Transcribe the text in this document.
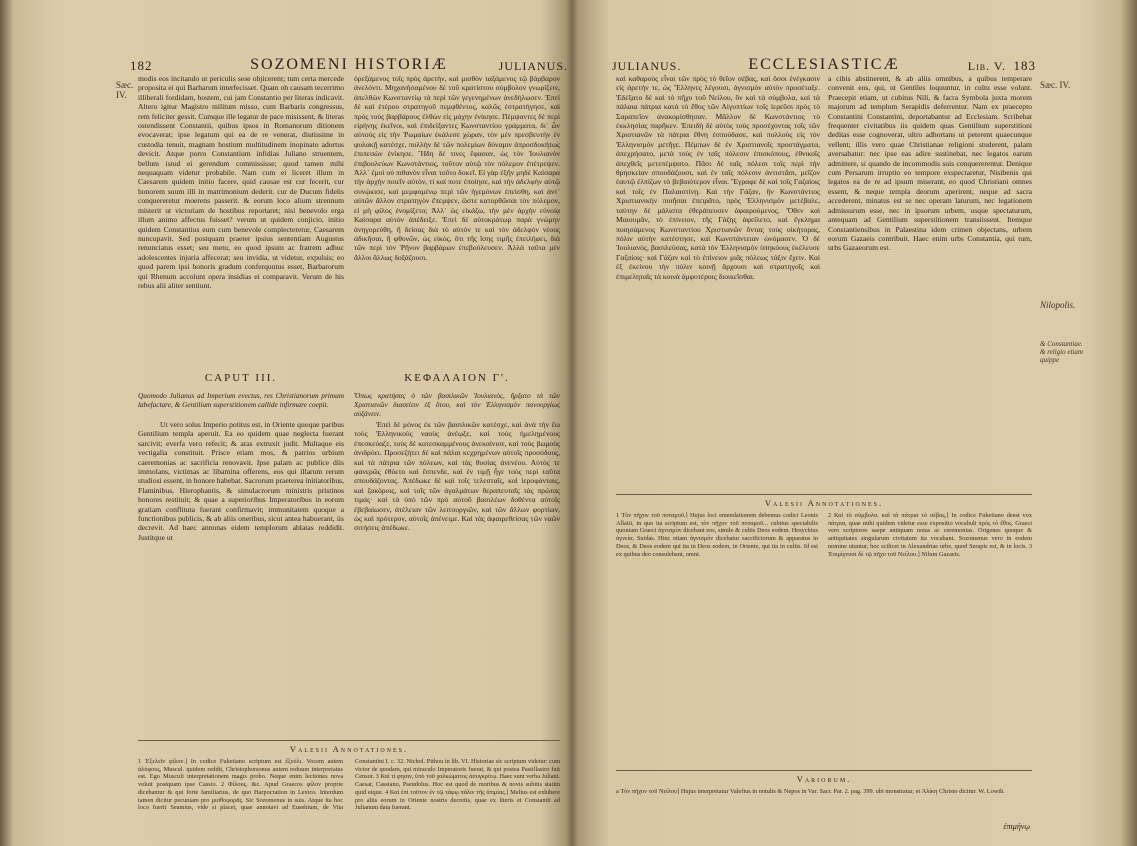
182	SOZOMENI HISTORIÆ	JULIANUS.
Sæc. IV.

modis eos incitando ut periculis sese objicerent; tum certa mercede proposita ei qui Barbarum interfecisset. Quam ob causam tecerrimo illiberali fordidam, hostem, cui jam Constantio per literas indicavit. Altero igitur Magistro militum misso, cum Barbaris congressus, rem feliciter gessit. Cumque ille legatur de pace misissent, & literas ostendissent Constantii, quibus ipsos in Romanorum ditionem evocaverat; ipse legatum qui ea de re venerat, diutissime in custodia tenuit, magnam hostium multitudinem inopinato adortus devicit. Atque porro Constantium infidias Juliano struentem, bellum istud ei gerendum commississe; quod tamen mihi nequaquam videtur probabile. Nam cum ei liceret illum in Caesarem quidem initio facere, quid causae est cur fecerit, cur honorem suum illi in matrimonium dederit. cur de Ducum fidelis conquereretur moerens passerit. & eorum loco alium strennum misterit ut victoriam de hostibus reportaret; nisi benevolo erga illum animo affectus fuisset? verum ut quidem conjicio, initio quidem Constantius eum cum benevole complecteretur, Caesarem nuncupavit. Sed postquam praeter ipsius sententiam Augustus renunciatus esset; seu metu, eo quod ipsum ac fratrem adhuc adolescentes injuria affecerat; seu invidia, ut videtur, expulsis; eo quod parem ipsi honoris gradum conferquutus esset, Barbarorum qui Rhenum accolunt opera insidias ei comparavit. Verum de his rebus alii aliter sentiunt.

ὀρεξάμενος τοῖς πρὸς ἀρετὴν, καὶ μισθὸν ταξάμενος τῷ βάρβαρον ἀνελόντι. Μηχανήσαμένου δὲ τοῦ κρατίστου σύμβολον γνωρίζειν, ἀπελθὼν Κωνσταντίῳ τὰ περὶ τῶν γεγενημένων ἀνεδήλωσεν. Ἐπεὶ δὲ καὶ ἑτέρου στρατηγοῦ πεμφθέντος, καλῶς ἐστρατήγησε, καὶ πρὸς τοὺς βαρβάρους ἐλθὼν εἰς μάχην ἐνίκησε. Πέμψαντες δὲ περὶ εἰρήνης ἐκεῖνοι, καὶ ἐπιδείξαντες Κωνσταντίου γράμματα, δι᾽ ὧν αὐτοὺς εἰς τὴν Ῥωμαίων ἐκάλεσε χώραν, τὸν μὲν πρεσβευτὴν ἐν φυλακῇ κατέσχε, πολλὴν δὲ τῶν πολεμίων δύναμιν ἀπροσδοκήτως ἐπιπεσὼν ἐνίκησε. Ἤδη δέ τινες ἔφασαν, ὡς τὸν Ἰουλιανὸν ἐπιβουλεύων Κωνστάντιος, τοῦτον αὐτῷ τὸν πόλεμον ἐπέτρεψεν. Ἀλλ᾽ ἐμοὶ οὐ πιθανὸν εἶναι τοῦτο δοκεῖ. Εἰ γὰρ ἐξῆν μηδὲ Καίσαρα τὴν ἀρχὴν ποιεῖν αὐτὸν, τί καί ποτε ἐποίησε, καὶ τὴν ἀδελφὴν αὐτῷ συνῴκισε, καὶ μεμφομένῳ περὶ τῶν ἡγεμόνων ἐπείσθη, καὶ ἀντ᾽ αὐτῶν ἄλλον στρατηγὸν ἔπεμψεν, ὥστε κατορθῶσαι τὸν πόλεμον, εἰ μὴ φίλος ἐνομίζετο; Ἀλλ᾽ ὡς εἰκάζω, τὴν μὲν ἀρχὴν εὐνοίᾳ Καίσαρα αὐτὸν ἀπέδειξε. Ἐπεὶ δὲ αὐτοκράτωρ παρὰ γνώμην ἀνηγορεύθη, ἢ δείσας διὰ τὸ αὐτόν τε καὶ τὸν ἀδελφὸν νέους ἀδικῆσαι, ἢ φθονῶν, ὡς εἰκὸς, ὅτι τῆς ἴσης τιμῆς ἐπειλήφει, διὰ τῶν περὶ τὸν Ῥῆνον βαρβάρων ἐπεβούλευσεν. Ἀλλὰ ταῦτα μὲν ἄλλοι ἄλλως δοξάζουσι.

CAPUT III.	ΚΕΦΑΛΑΙΟΝ Γ'.
Quomodo Julianus ad Imperium evectus, res Christianorum primum labefactare, & Gentilium superstitionem callide infirmare coepit.
Ὅπως κρατήσας ὁ τῶν βασιλικῶν Ἰουλιανὸς, ἤρξατο τὰ τῶν Χριστιανῶν διασείειν ἐξ ὅτου, καὶ τὸν Ἑλληνισμὸν πανουργίως αὐξάνειν.

Ut vero solus Imperio potitus est, in Oriente quoque paribus Gentilium templa aperuit. Ea eo quidem quae neglecta fuerant sarcivit; everfa vero refecit; & aras extruxit judit. Multaque eis vectigalia constituit. Prisce etiam mos, & patrios urbium caeremonias ac sacrificia renovavit. Ipse palam ac publice diis immolans, victimas ac libamina offerens, eos qui illarum rerum studiosi essent, in honore habebat. Sacrorum praeterea initiatoribus, Flaminibus, Hierophantis, & simulacrorum ministris pristinos honores restituit; & quae a superioribus Imperatoribus in eorum gratiam conflituta fuerant confirmavit; immunitatem quoque a functionibus publicis, & ab aliis oneribus, sicut antea habuerant, iis decrevit. Ad haec annonas eidem templorum ablatas reddidit. Justitque ut

Ἐπεὶ δὲ μόνος ἐκ τῶν βασιλικῶν κατέσχε, καὶ ἀνὰ τὴν ἕω τοὺς Ἑλληνικοὺς ναοὺς ἀνέῳξε, καὶ τοὺς ἠμελημένους ἐπεσκεύαζε, τοὺς δὲ κατεσκαμμένους ἀνεκαίνισε, καὶ τοὺς βωμοὺς ἀνιδρύει. Προσεζήτει δὲ καὶ πάλαι κεχρημένων αὐτοῖς προσόδους, καὶ τὰ πάτρια τῶν πόλεων, καὶ τὰς θυσίας ἀνενέου. Αὐτός τε φανερῶς ἐθύετο καὶ ἔσπενδε, καὶ ἐν τιμῇ ἦγε τοὺς περὶ ταῦτα σπουδάζοντας. Ἀπέδωκε δὲ καὶ τοῖς τελεσταῖς, καὶ ἱεροφάνταις, καὶ ζακόροις, καὶ τοῖς τῶν ἀγαλμάτων θεραπευταῖς τὰς πρώτας τιμάς· καὶ τὰ ὑπὸ τῶν πρὸ αὐτοῦ βασιλέων δοθέντα αὐτοῖς ἐβεβαίωσεν, ἀτέλειαν τῶν λειτουργιῶν, καὶ τῶν ἄλλων φορτίων, ὡς καὶ πρότερον, αὐτοῖς ἀπένειμε. Καὶ τὰς ἀφαιρεθείσας τῶν ναῶν σιτήσεις ἀπέδωκε.

Valesii Annotationes.
1 Ἐξελεῖν φίλον.] In codice Fuketiano scriptum est ἔξεύλι. Vocem autem ἀλόφους, Muscul. quidem reddit, Christophorsonus autem reduum interpretatus est. Ego Musculi interpretationem magis probo. Neque enim lectiones nova voluit postquam ipse Cassio. 2 Φίλους. &c. Apud Graecos φίλον proprie dicebantur & qui forte familiarius, de quo Harpocration in Lexico. Interdum tamen dicitur pecuniam pro μισθοφορᾶς. Sic Sozomenus in suis. Atque ita hoc loco fuerit Seamius, vide si placet, quae annotavi ad Eusebium, de Vita Constantini I. c. 32. Nichol. Pithou in lib. VI. Historiae sic scriptum videtur: cum victor de quodam, qui miraculo Imperatoris fuerat, & qui postea Pastillastro fuit Censor. 3 Καὶ τί φησιν, ὑπὸ τοῦ χαλκώματος ἀσυγκρίτῳ. Haec sunt verba Juliani. Caesar, Cassiano, Pseudolus. Hoc est quod de moribus & novis subitis statim quid eique. 4 Καὶ ἐπὶ τοῦτον ἐν τῷ τάφῳ πάλιν τῆς ἀτιμίας.] Melius est exhibere pro aliis eorum in Oriente nostris decretis, quae ex literis et Constantii ad Julianum data fuerant.
JULIANUS.	ECCLESIASTICÆ	Lib. V. 183

καὶ καθαροὺς εἶναι τῶν πρὸς τὸ θεῖον σέβας, καὶ ὅσοι ἐνέγκασιν εἰς ἀρετήν τε, ὡς Ἕλληνες λέγουσι, ἀγνισμὸν αὐτὸν προσέταξε. Ἐδέξατο δὲ καὶ τὸ πῆχυ τοῦ Νείλου, ὃν καὶ τὰ σύμβολα, καὶ τὰ πάλαια πάτρια κατὰ τὸ ἔθος τῶν Αἰγυπτίων τοῖς ἱερεῦσι πρὸς τὸ Σαραπεῖον ἀνακομίσθησαν. Μᾶλλον δὲ Κωνστάντιος τὸ ἐκκλησίας παρῆκεν. Ἐπειδὴ δὲ αὐτὸς τοὺς προσέχοντας τοῖς τῶν Χριστιανῶν τὰ πάτρια ἔθνη ἐσπούδασε, καὶ πολλοὺς εἰς τὸν Ἑλληνισμὸν μετῆγε. Πέμπων δὲ ἐν Χριστιανοῖς προστάγματα, ἀπεχρήσατο, μετὰ τοὺς ἐν ταῖς πόλεσιν ἐπισκόπους, ἐθνικοῖς ἀπεχθεῖς μετεπέμψατο. Πᾶσι δὲ ταῖς πόλεσι τοῖς περὶ τὴν θρησκείαν σπουδάζουσι, καὶ ἐν ταῖς πόλεσιν ἀντιστᾶσι, μεῖζον ἑαυτῷ ἐλπίζων τὸ βεβαιότερον εἶναι. Ἔγραφε δὲ καὶ τοῖς Γαζαίοις καὶ τοῖς ἐν Παλαιστίνῃ. Καὶ τὴν Γάζαν, ἣν Κωνστάντιος Χριστιανικήν ποιῆσαι ἐπειρᾶτο, πρὸς Ἑλληνισμὸν μετέβαλε, ταύτην δὲ μάλιστα ἐθεράπευσεν ἀφαιρούμενος. Ὅθεν καὶ Μαιουμᾶν, τὸ ἐπίνειον, τῆς Γάζης ἀφείλετο, καὶ ἔγκλημα ποιησάμενος Κωνσταντίου Χριστιανῶν ὄντας τοὺς οἰκήτορας, πόλιν αὐτὴν κατέστησε, καὶ Κωνστάντειαν ὠνόμασεν. Ὁ δὲ Ἰουλιανὸς, βασιλεύσας, κατὰ τὸν Ἑλληνισμὸν ὑπηκόους ἐκέλευσε Γαζαίοις· καὶ Γάζαν καὶ τὸ ἐπίνειον μιᾶς πόλεως τάξιν ἔχειν. Καὶ ἐξ ἐκείνου τὴν πόλιν κοινῇ ἄρχουσι καὶ στρατηγοῖς καὶ ἐπιμεληταῖς τὰ κοινὰ ἀμφοτέροις διοικεῖσθαι.

a cibis abstinerent, & ab aliis omnibus, a quibus temperare convenit eos, qui, ut Gentiles loquuntur, in cultu esse volunt. Praecepit etiam, ut cubitus Nili, & facra Symbola juxta morem majorum ad templum Serapidis deferrentur. Nam ex praecepto Constantini Constantini, deportabantur ad Ecclesiam. Scribebat frequenter civitatibus iis quidem quas Gentilium superstitioni deditas esse cognoverat, ultro adhortans ut peterent quaecunque vellent; illis vero quae Christianae religioni studerent, palam aversabatur: nec ipse eas adire sustinebat, nec legatos earum admittere, si quando de incommodis suis conquererentur. Denique cum Persarum irruptio eo tempore exspectaretur, Nisibenis qui legatos ea de re ad ipsum miserant, eo quod Christiani omnes essent, & neque templa deorum aperirent, neque ad sacra accederent, minatus est se nec operam laturum, nec legationem admissurum esse, nec in ipsorum urbem, usque spectaturum, antequam ad Gentilium superstitionem transiissent. Itemque Constantiensibus in Palaestina idem crimen objectans, urbem eorum Gazaeis contribuit. Haec enim urbs Constantia, qui tum, urbs Gazaeorum est.

Valesii Annotationes.
1 Τὸν πῆχυν τοῦ ποταμοῦ.] Hujus loci emendationem debemus codici Leonis Allatii, in quo ita scriptum est, τὸν πῆχυν τοῦ ποταμοῦ... cubitus spectabilis quoniam Graeci ἀγνισμὸν dicebant eos, simile & cultis Deos eodem. Hesychius ἁγνεία, Suidas. Hinc etiam ἀγνισμὸν dicebatur sacrificiorum & apparatus in Deos, & Deos eodem qui ita in Deos eodem, in Oriente, qui ita in cultis. Id est ex quibus deo consulebant, omni.
2 Καὶ τὸ σύμβολα. καὶ τὰ πάτρια τὸ σέβας.] In codice Fuketiano deest vox πάτρια, quae mihi quidem videtur esse expositio vocabuli πρὸς τὸ ἔθος. Graeci vero scriptores saepe antiquam notas ac ceremonias. Origenes quoque & antiquitates singularum civitatum ita vocabant. Sozomenus vero in eodem nomine utuntur, hoc scilicet in Alexandriae urbe, quod Serapis est, & in locis. 3 Ἐπιμίγνυσι δὲ τῷ πῆχυ τοῦ Νείλου.] Nilum Gazaeis.
Variorum.
a Τὸν πῆχυν τοῦ Νείλου] Hujus interpretatur Valefius in notulis & Nepos in Var. Sacr. Par. 2. pag. 399. ubi monstratur, et Ἀλίκη Christo dicitur. W. Lowth.
ἐπιμήνῳ
Sæc. IV.
Nilopolis.
& Constantiae. & religio etiam quippe
